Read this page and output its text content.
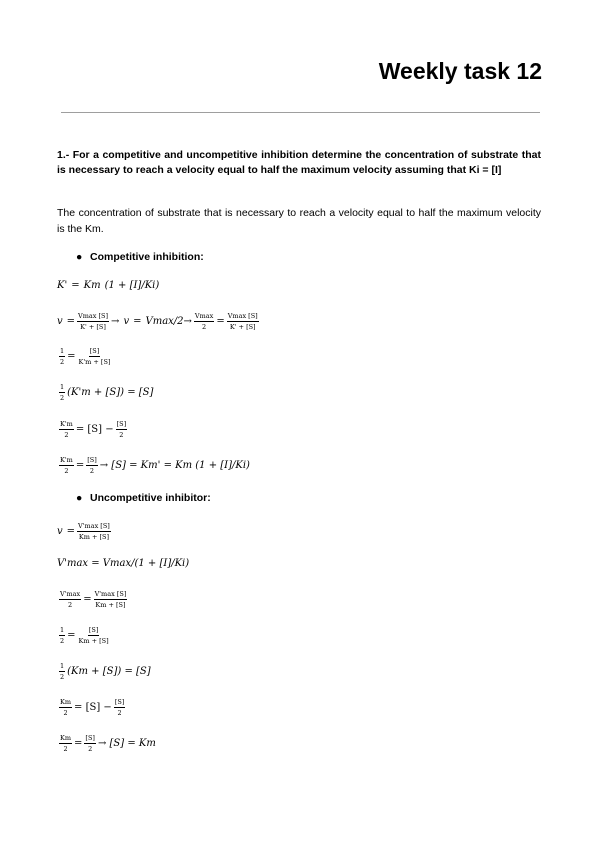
Weekly task 12
1.- For a competitive and uncompetitive inhibition determine the concentration of substrate that is necessary to reach a velocity equal to half the maximum velocity assuming that Ki = [I]
The concentration of substrate that is necessary to reach a velocity equal to half the maximum velocity is the Km.
● Competitive inhibition:
K' = Km (1 + [I]/Ki)
v = Vmax [S]
K' + [S] → v = Vmax/2 → Vmax
2 = Vmax [S]
K' + [S]
$\frac{1}{2} = \frac{[S]}{K'm + [S]}$
1
2 (K'm + [S]) = [S]
$\frac{K'm}{2} = [S] - \frac{[S]}{2}$
$\frac{K'm}{2} = \frac{[S]}{2} \to [S] = Km' = Km$ (1 + [I]/Ki)
● Uncompetitive inhibitor:
v = V'max [S]
Km + [S]
V'max = Vmax/(1 + [I]/Ki)
V'max
2 = V'max [S]
Km + [S]
$\frac{1}{2} = \frac{[S]}{Km + [S]}$
1
2 (Km + [S]) = [S]
$\frac{Km}{2} = [S] - \frac{[S]}{2}$
$\frac{Km}{2} = \frac{[S]}{2} \to [S] = Km$
